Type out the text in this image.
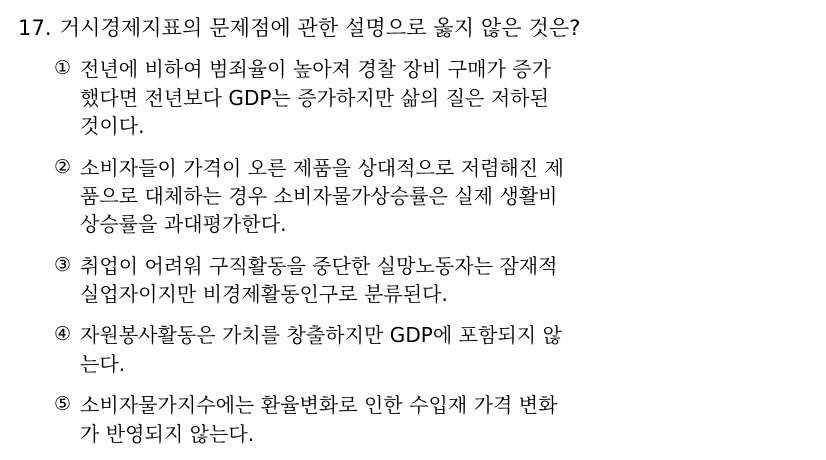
17. 거시경제지표의 문제점에 관한 설명으로 옳지 않은 것은?
① 전년에 비하여 범죄율이 높아져 경찰 장비 구매가 증가
했다면 전년보다 GDP는 증가하지만 삶의 질은 저하된
것이다.
② 소비자들이 가격이 오른 제품을 상대적으로 저렴해진 제
품으로 대체하는 경우 소비자물가상승률은 실제 생활비
상승률을 과대평가한다.
③ 취업이 어려워 구직활동을 중단한 실망노동자는 잠재적
실업자이지만 비경제활동인구로 분류된다.
④ 자원봉사활동은 가치를 창출하지만 GDP에 포함되지 않
는다.
⑤ 소비자물가지수에는 환율변화로 인한 수입재 가격 변화
가 반영되지 않는다.
